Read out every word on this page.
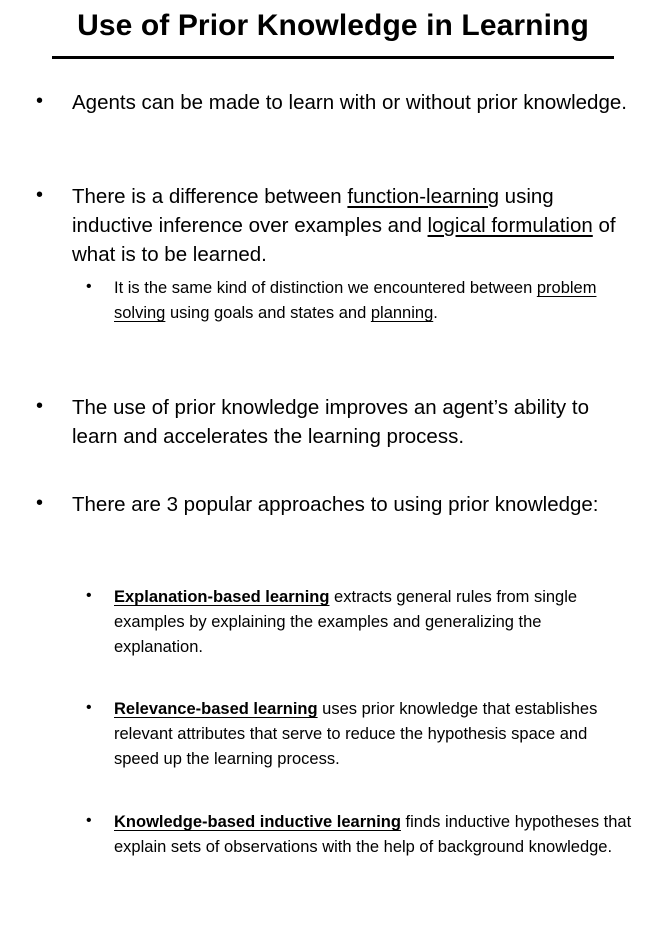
Use of Prior Knowledge in Learning
• Agents can be made to learn with or without prior knowledge.
• There is a difference between function-learning using inductive inference over examples and logical formulation of what is to be learned.
• It is the same kind of distinction we encountered between problem solving using goals and states and planning.
• The use of prior knowledge improves an agent’s ability to learn and accelerates the learning process.
• There are 3 popular approaches to using prior knowledge:
• Explanation-based learning extracts general rules from single examples by explaining the examples and generalizing the explanation.
• Relevance-based learning uses prior knowledge that establishes relevant attributes that serve to reduce the hypothesis space and speed up the learning process.
• Knowledge-based inductive learning finds inductive hypotheses that explain sets of observations with the help of background knowledge.
